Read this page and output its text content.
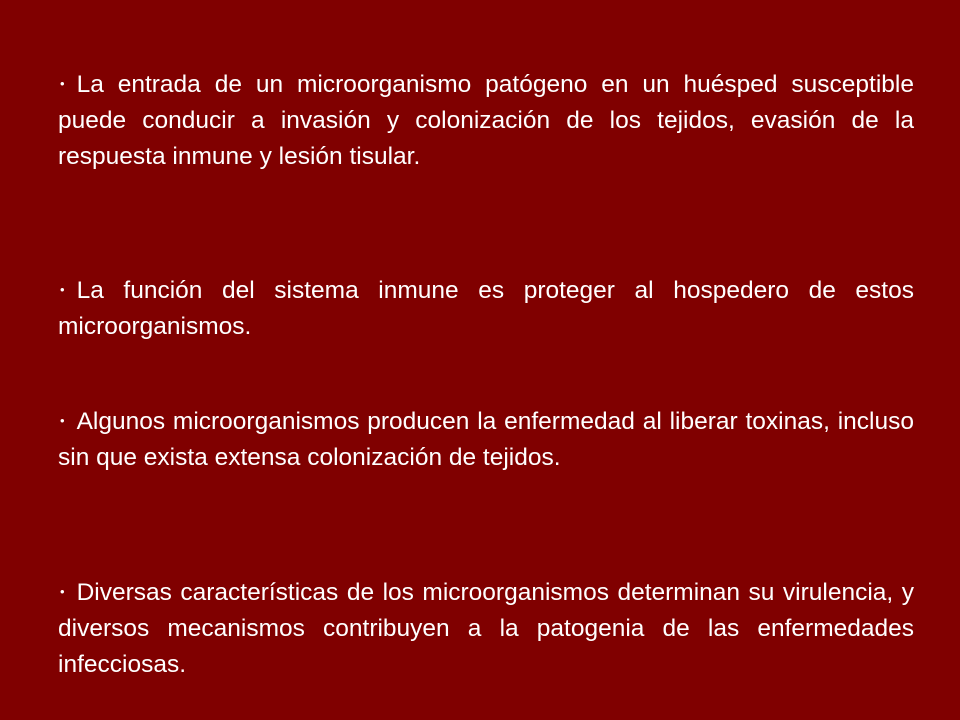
• La entrada de un microorganismo patógeno en un huésped susceptible puede conducir a invasión y colonización de los tejidos, evasión de la respuesta inmune y lesión tisular.

• La función del sistema inmune es proteger al hospedero de estos microorganismos.

• Algunos microorganismos producen la enfermedad al liberar toxinas, incluso sin que exista extensa colonización de tejidos.

• Diversas características de los microorganismos determinan su virulencia, y diversos mecanismos contribuyen a la patogenia de las enfermedades infecciosas.
